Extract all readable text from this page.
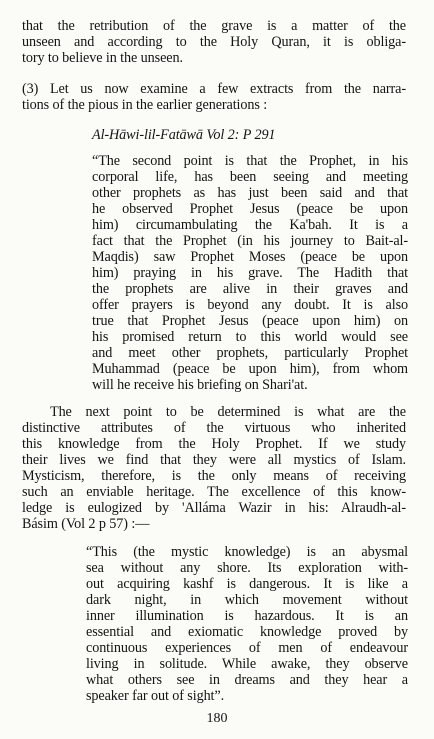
that the retribution of the grave is a matter of the
unseen and according to the Holy Quran, it is obliga-
tory to believe in the unseen.
(3) Let us now examine a few extracts from the narra-
tions of the pious in the earlier generations :
Al-Hāwi-lil-Fatāwā Vol 2: P 291
“The second point is that the Prophet, in his
corporal life, has been seeing and meeting
other prophets as has just been said and that
he observed Prophet Jesus (peace be upon
him) circumambulating the Ka'bah. It is a
fact that the Prophet (in his journey to Bait-al-
Maqdis) saw Prophet Moses (peace be upon
him) praying in his grave. The Hadith that
the prophets are alive in their graves and
offer prayers is beyond any doubt. It is also
true that Prophet Jesus (peace upon him) on
his promised return to this world would see
and meet other prophets, particularly Prophet
Muhammad (peace be upon him), from whom
will he receive his briefing on Shari'at.
The next point to be determined is what are the
distinctive attributes of the virtuous who inherited
this knowledge from the Holy Prophet. If we study
their lives we find that they were all mystics of Islam.
Mysticism, therefore, is the only means of receiving
such an enviable heritage. The excellence of this know-
ledge is eulogized by 'Alláma Wazir in his: Alraudh-al-
Básim (Vol 2 p 57) :—
“This (the mystic knowledge) is an abysmal
sea without any shore. Its exploration with-
out acquiring kashf is dangerous. It is like a
dark night, in which movement without
inner illumination is hazardous. It is an
essential and exiomatic knowledge proved by
continuous experiences of men of endeavour
living in solitude. While awake, they observe
what others see in dreams and they hear a
speaker far out of sight”.
180
